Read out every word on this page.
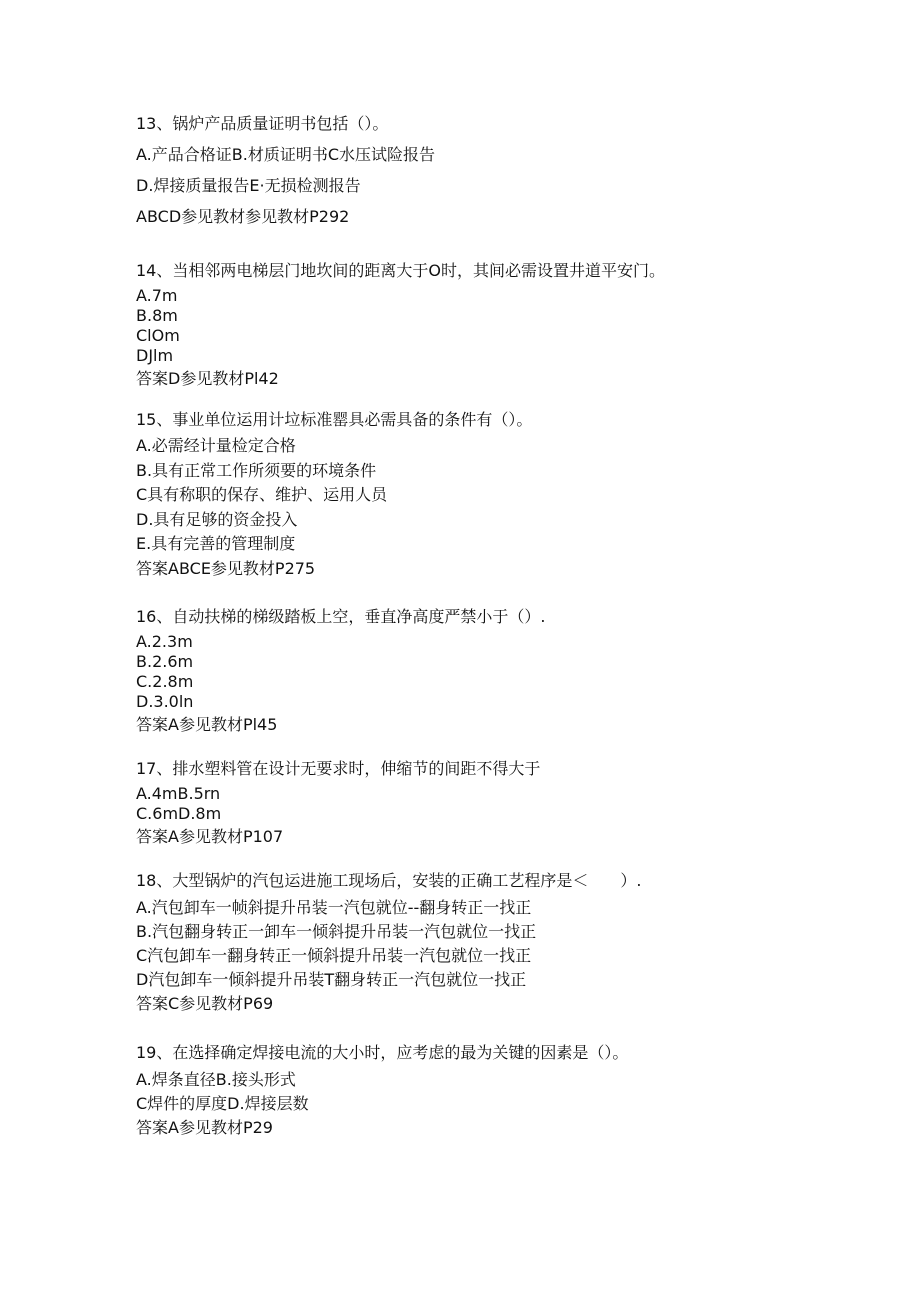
13、锅炉产品质量证明书包括（）。
A.产品合格证B.材质证明书C水压试险报告
D.焊接质量报告E·无损检测报告
ABCD参见教材参见教材P292
14、当相邻两电梯层门地坎间的距离大于O时，其间必需设置井道平安门。
A.7m
B.8m
ClOm
DJlm
答案D参见教材Pl42
15、事业单位运用计垃标准罂具必需具备的条件有（）。
A.必需经计量检定合格
B.具有正常工作所须要的环境条件
C具有称职的保存、维护、运用人员
D.具有足够的资金投入
E.具有完善的管理制度
答案ABCE参见教材P275
16、自动扶梯的梯级踏板上空，垂直净高度严禁小于（）.
A.2.3m
B.2.6m
C.2.8m
D.3.0ln
答案A参见教材Pl45
17、排水塑料管在设计无要求时，伸缩节的间距不得大于
A.4mB.5rn
C.6mD.8m
答案A参见教材P107
18、大型锅炉的汽包运进施工现场后，安装的正确工艺程序是＜　　）.
A.汽包卸车一帧斜提升吊装一汽包就位--翻身转正一找正
B.汽包翻身转正一卸车一倾斜提升吊装一汽包就位一找正
C汽包卸车一翻身转正一倾斜提升吊装一汽包就位一找正
D汽包卸车一倾斜提升吊装T翻身转正一汽包就位一找正
答案C参见教材P69
19、在选择确定焊接电流的大小时，应考虑的最为关键的因素是（）。
A.焊条直径B.接头形式
C焊件的厚度D.焊接层数
答案A参见教材P29
